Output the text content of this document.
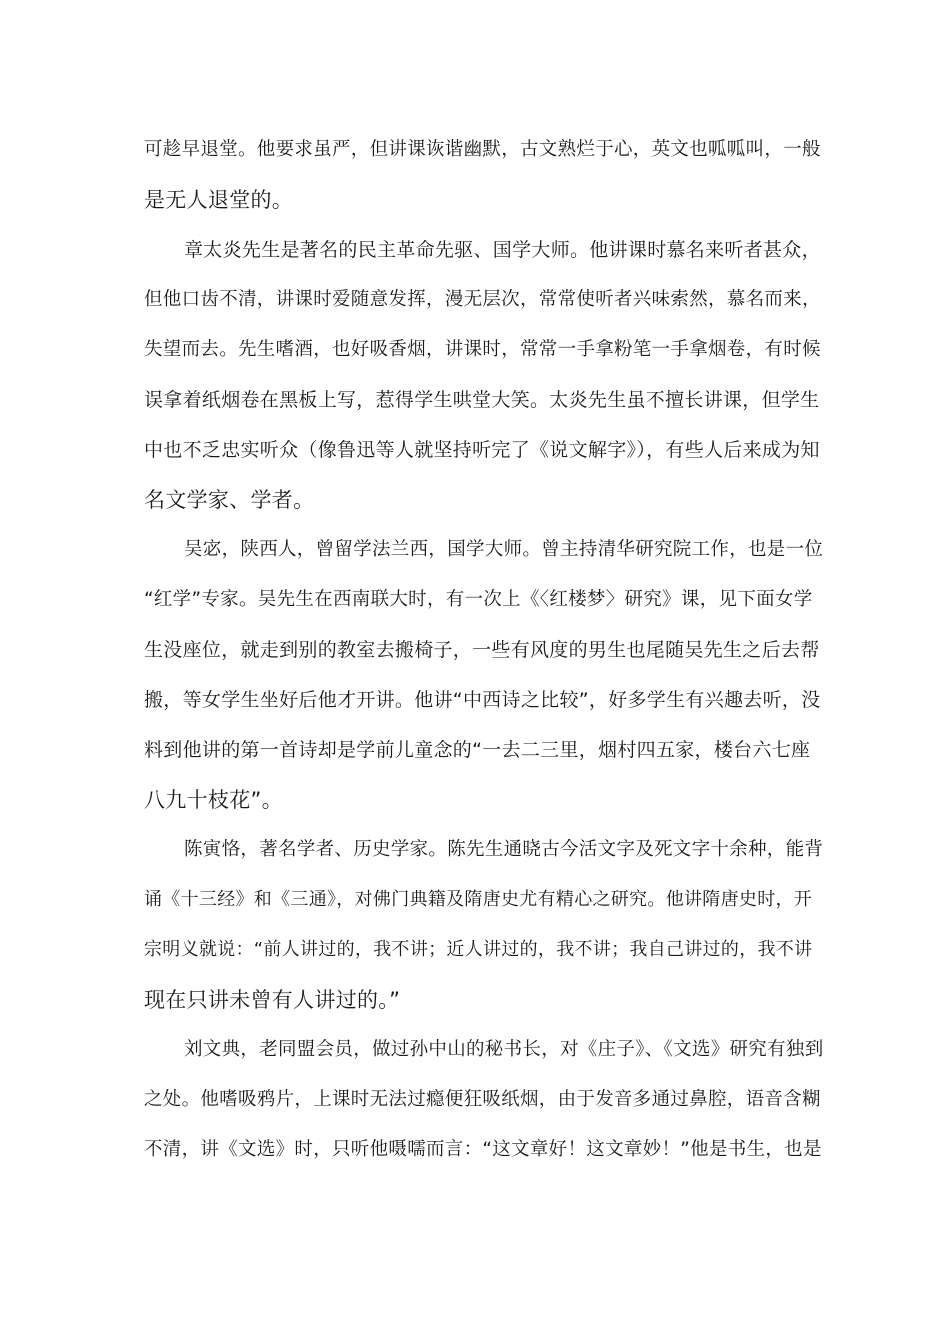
可趁早退堂。他要求虽严，但讲课诙谐幽默，古文熟烂于心，英文也呱呱叫，一般
是无人退堂的。
章太炎先生是著名的民主革命先驱、国学大师。他讲课时慕名来听者甚众，
但他口齿不清，讲课时爱随意发挥，漫无层次，常常使听者兴味索然，慕名而来，
失望而去。先生嗜酒，也好吸香烟，讲课时，常常一手拿粉笔一手拿烟卷，有时候
误拿着纸烟卷在黑板上写，惹得学生哄堂大笑。太炎先生虽不擅长讲课，但学生
中也不乏忠实听众（像鲁迅等人就坚持听完了《说文解字》），有些人后来成为知
名文学家、学者。
吴宓，陕西人，曾留学法兰西，国学大师。曾主持清华研究院工作，也是一位
“红学”专家。吴先生在西南联大时，有一次上《〈红楼梦〉研究》课，见下面女学
生没座位，就走到别的教室去搬椅子，一些有风度的男生也尾随吴先生之后去帮
搬，等女学生坐好后他才开讲。他讲“中西诗之比较”，好多学生有兴趣去听，没
料到他讲的第一首诗却是学前儿童念的“一去二三里，烟村四五家，楼台六七座
八九十枝花”。
陈寅恪，著名学者、历史学家。陈先生通晓古今活文字及死文字十余种，能背
诵《十三经》和《三通》，对佛门典籍及隋唐史尤有精心之研究。他讲隋唐史时，开
宗明义就说：“前人讲过的，我不讲；近人讲过的，我不讲；我自己讲过的，我不讲
现在只讲未曾有人讲过的。”
刘文典，老同盟会员，做过孙中山的秘书长，对《庄子》、《文选》研究有独到
之处。他嗜吸鸦片，上课时无法过瘾便狂吸纸烟，由于发音多通过鼻腔，语音含糊
不清，讲《文选》时，只听他嗫嚅而言：“这文章好！这文章妙！”他是书生，也是
